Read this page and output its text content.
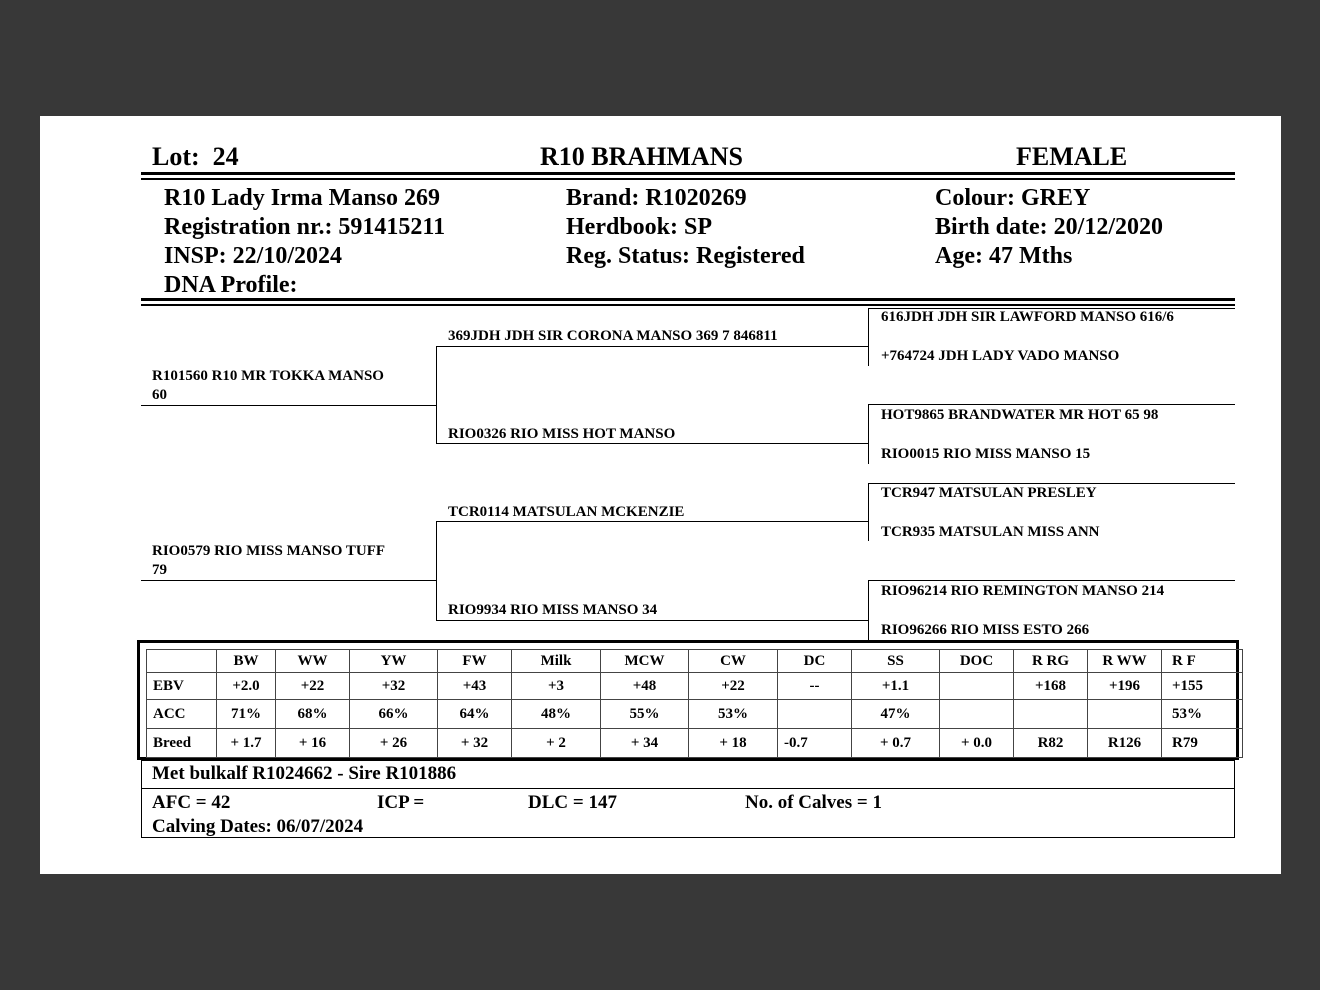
Lot: 24	R10 BRAHMANS	FEMALE
R10 Lady Irma Manso 269
Registration nr.: 591415211
INSP: 22/10/2024
DNA Profile:
Brand: R1020269
Herdbook: SP
Reg. Status: Registered
Colour: GREY
Birth date: 20/12/2020
Age: 47 Mths
R101560 R10 MR TOKKA MANSO
60
RIO0579 RIO MISS MANSO TUFF
79
369JDH JDH SIR CORONA MANSO 369 7 846811
RIO0326 RIO MISS HOT MANSO
TCR0114 MATSULAN MCKENZIE
RIO9934 RIO MISS MANSO 34
616JDH JDH SIR LAWFORD MANSO 616/6
+764724 JDH LADY VADO MANSO
HOT9865 BRANDWATER MR HOT 65 98
RIO0015 RIO MISS MANSO 15
TCR947 MATSULAN PRESLEY
TCR935 MATSULAN MISS ANN
RIO96214 RIO REMINGTON MANSO 214
RIO96266 RIO MISS ESTO 266
	BW	WW	YW	FW	Milk	MCW	CW	DC	SS	DOC	R RG	R WW	R F
EBV	+2.0	+22	+32	+43	+3	+48	+22	--	+1.1		+168	+196	+155
ACC	71%	68%	66%	64%	48%	55%	53%		47%				53%
Breed	+ 1.7	+ 16	+ 26	+ 32	+ 2	+ 34	+ 18	-0.7	+ 0.7	+ 0.0	R82	R126	R79
Met bulkalf R1024662 - Sire R101886
AFC = 42	ICP =	DLC = 147	No. of Calves = 1
Calving Dates: 06/07/2024
